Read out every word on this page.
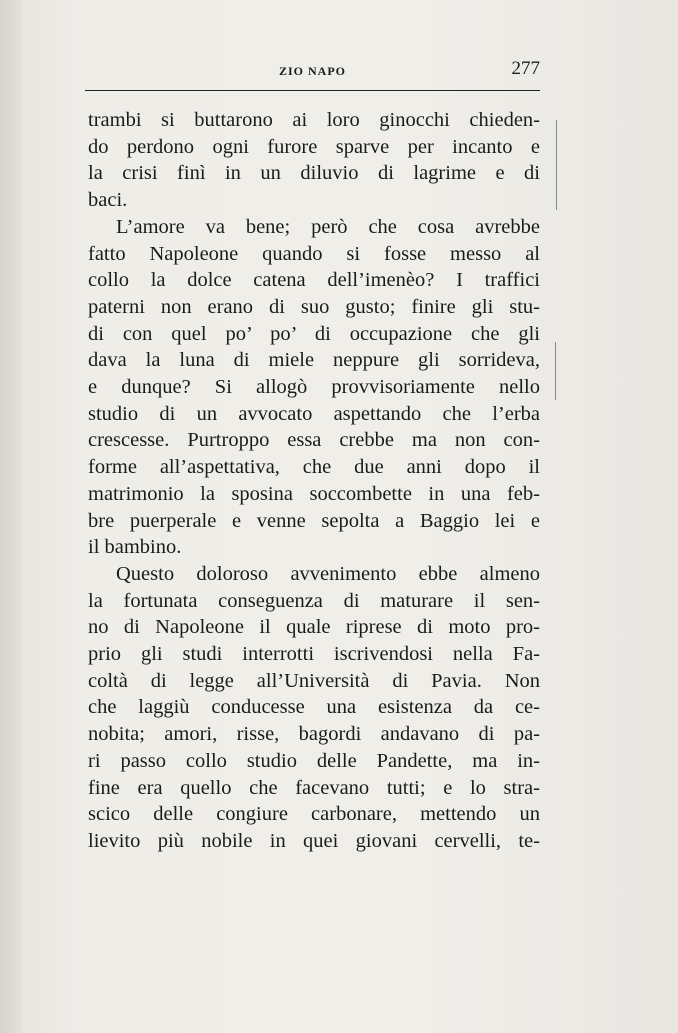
ZIO NAPO	277

trambi si buttarono ai loro ginocchi chieden-
do perdono ogni furore sparve per incanto e
la crisi finì in un diluvio di lagrime e di
baci.

L’amore va bene; però che cosa avrebbe
fatto Napoleone quando si fosse messo al
collo la dolce catena dell’imenèo? I traffici
paterni non erano di suo gusto; finire gli stu-
di con quel po’ po’ di occupazione che gli
dava la luna di miele neppure gli sorrideva,
e dunque? Si allogò provvisoriamente nello
studio di un avvocato aspettando che l’erba
crescesse. Purtroppo essa crebbe ma non con-
forme all’aspettativa, che due anni dopo il
matrimonio la sposina soccombette in una feb-
bre puerperale e venne sepolta a Baggio lei e
il bambino.

Questo doloroso avvenimento ebbe almeno
la fortunata conseguenza di maturare il sen-
no di Napoleone il quale riprese di moto pro-
prio gli studi interrotti iscrivendosi nella Fa-
coltà di legge all’Università di Pavia. Non
che laggiù conducesse una esistenza da ce-
nobita; amori, risse, bagordi andavano di pa-
ri passo collo studio delle Pandette, ma in-
fine era quello che facevano tutti; e lo stra-
scico delle congiure carbonare, mettendo un
lievito più nobile in quei giovani cervelli, te-
